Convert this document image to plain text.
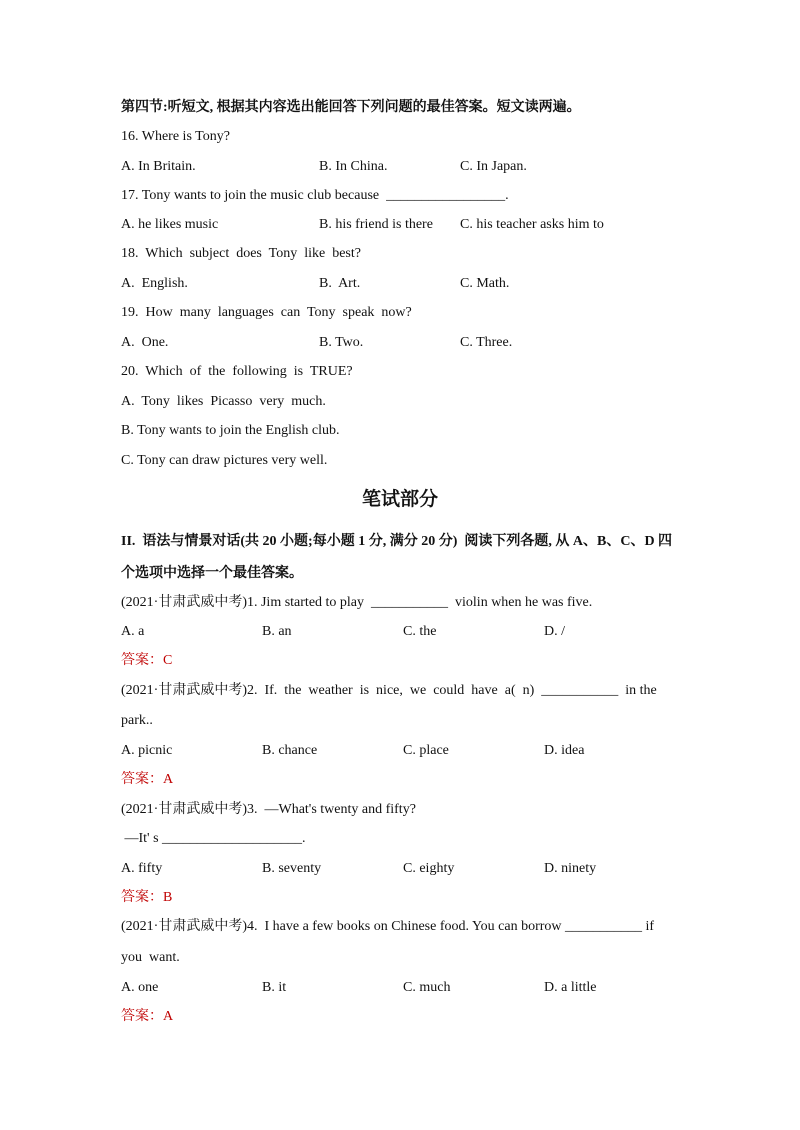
第四节:听短文, 根据其内容选出能回答下列问题的最佳答案。短文读两遍。
16. Where is Tony?
A. In Britain.	B. In China.	C. In Japan.
17. Tony wants to join the music club because  _________________.
A. he likes music	B. his friend is there C. his teacher asks him to
18.  Which  subject  does  Tony  like  best?
A.  English.	B.  Art.	C. Math.
19.  How  many  languages  can  Tony  speak  now?
A.  One.	B. Two.	C. Three.
20.  Which  of  the  following  is  TRUE?
A.  Tony  likes  Picasso  very  much.
B. Tony wants to join the English club.
C. Tony can draw pictures very well.
笔试部分
II.  语法与情景对话(共 20 小题;每小题 1 分, 满分 20 分)  阅读下列各题, 从 A、B、C、D 四
个选项中选择一个最佳答案。
(2021·甘肃武威中考)1. Jim started to play  ___________  violin when he was five.
A. a	B. an	C. the	D. /
答案：C
(2021·甘肃武威中考)2.  If.  the  weather  is  nice,  we  could  have  a(  n)  ___________  in the
park..
A. picnic	B. chance	C. place	D. idea
答案：A
(2021·甘肃武威中考)3.  —What's twenty and fifty?
—It' s ____________________.
A. fifty	B. seventy	C. eighty	D. ninety
答案：B
(2021·甘肃武威中考)4.  I have a few books on Chinese food. You can borrow ___________ if
you  want.
A. one	B. it	C. much	D. a little
答案：A
